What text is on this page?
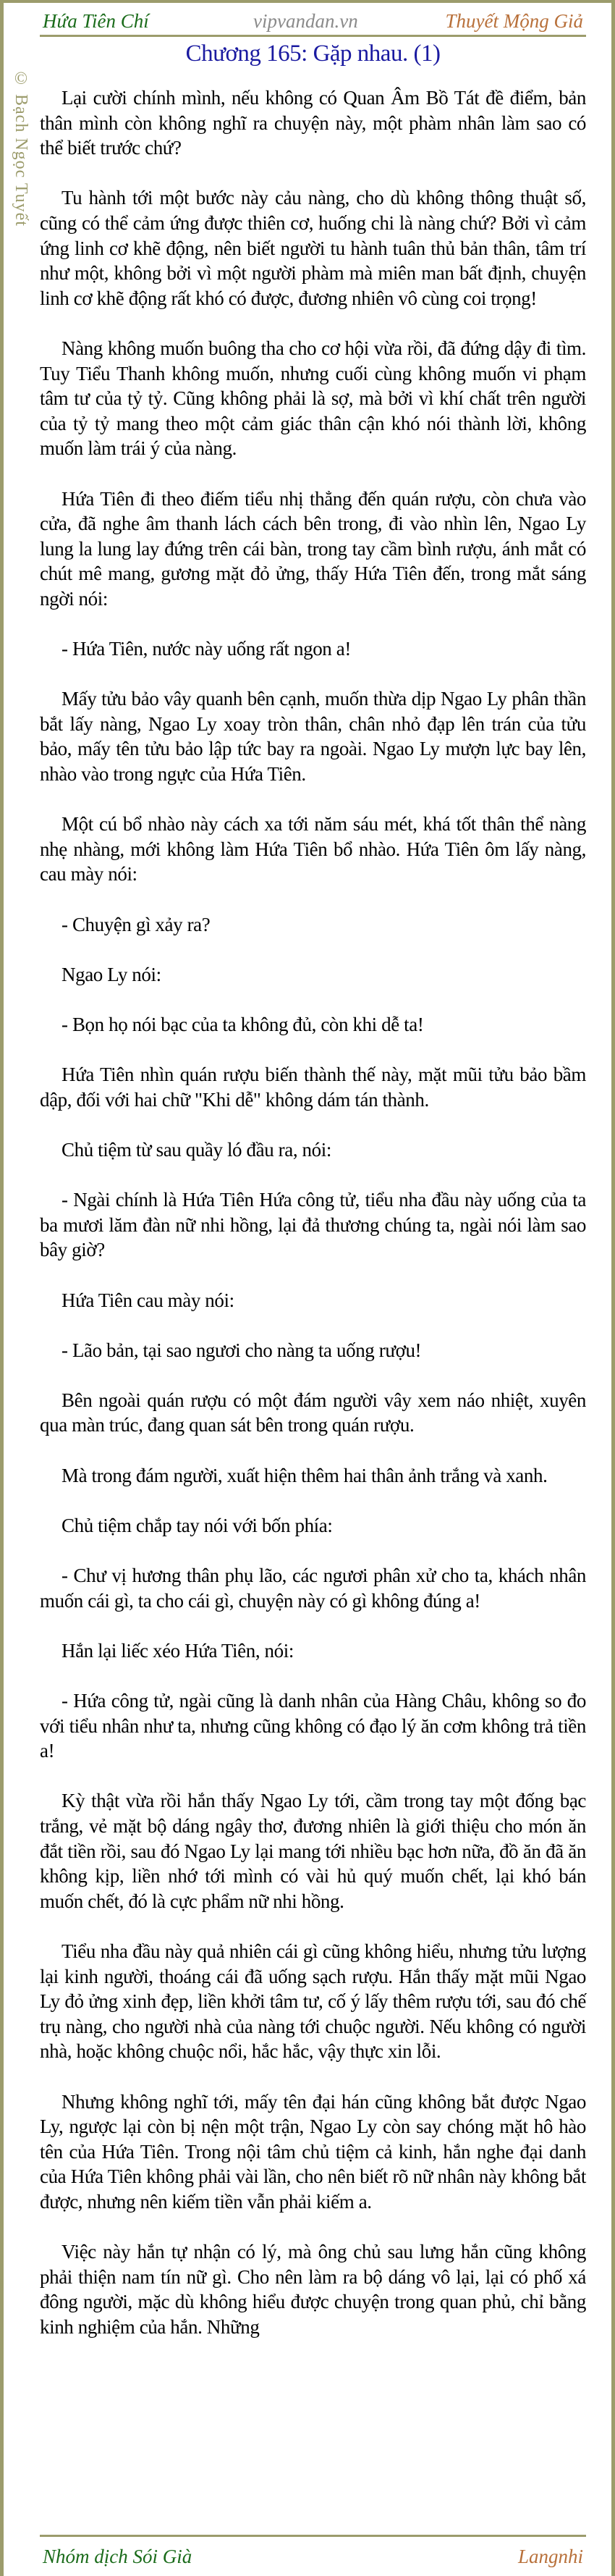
Hứa Tiên Chí	vipvandan.vn	Thuyết Mộng Giả
© Bạch Ngọc Tuyết
Chương 165: Gặp nhau. (1)

Lại cười chính mình, nếu không có Quan Âm Bồ Tát đề điểm, bản thân mình còn không nghĩ ra chuyện này, một phàm nhân làm sao có thể biết trước chứ?

Tu hành tới một bước này cảu nàng, cho dù không thông thuật số, cũng có thể cảm ứng được thiên cơ, huống chi là nàng chứ? Bởi vì cảm ứng linh cơ khẽ động, nên biết người tu hành tuân thủ bản thân, tâm trí như một, không bởi vì một người phàm mà miên man bất định, chuyện linh cơ khẽ động rất khó có được, đương nhiên vô cùng coi trọng!

Nàng không muốn buông tha cho cơ hội vừa rồi, đã đứng dậy đi tìm. Tuy Tiểu Thanh không muốn, nhưng cuối cùng không muốn vi phạm tâm tư của tỷ tỷ. Cũng không phải là sợ, mà bởi vì khí chất trên người của tỷ tỷ mang theo một cảm giác thân cận khó nói thành lời, không muốn làm trái ý của nàng.

Hứa Tiên đi theo điếm tiểu nhị thẳng đến quán rượu, còn chưa vào cửa, đã nghe âm thanh lách cách bên trong, đi vào nhìn lên, Ngao Ly lung la lung lay đứng trên cái bàn, trong tay cầm bình rượu, ánh mắt có chút mê mang, gương mặt đỏ ửng, thấy Hứa Tiên đến, trong mắt sáng ngời nói:

- Hứa Tiên, nước này uống rất ngon a!

Mấy tửu bảo vây quanh bên cạnh, muốn thừa dịp Ngao Ly phân thần bắt lấy nàng, Ngao Ly xoay tròn thân, chân nhỏ đạp lên trán của tửu bảo, mấy tên tửu bảo lập tức bay ra ngoài. Ngao Ly mượn lực bay lên, nhào vào trong ngực của Hứa Tiên.

Một cú bổ nhào này cách xa tới năm sáu mét, khá tốt thân thể nàng nhẹ nhàng, mới không làm Hứa Tiên bổ nhào. Hứa Tiên ôm lấy nàng, cau mày nói:

- Chuyện gì xảy ra?

Ngao Ly nói:

- Bọn họ nói bạc của ta không đủ, còn khi dễ ta!

Hứa Tiên nhìn quán rượu biến thành thế này, mặt mũi tửu bảo bầm dập, đối với hai chữ "Khi dễ" không dám tán thành.

Chủ tiệm từ sau quầy ló đầu ra, nói:

- Ngài chính là Hứa Tiên Hứa công tử, tiểu nha đầu này uống của ta ba mươi lăm đàn nữ nhi hồng, lại đả thương chúng ta, ngài nói làm sao bây giờ?

Hứa Tiên cau mày nói:

- Lão bản, tại sao ngươi cho nàng ta uống rượu!

Bên ngoài quán rượu có một đám người vây xem náo nhiệt, xuyên qua màn trúc, đang quan sát bên trong quán rượu.

Mà trong đám người, xuất hiện thêm hai thân ảnh trắng và xanh.

Chủ tiệm chắp tay nói với bốn phía:

- Chư vị hương thân phụ lão, các ngươi phân xử cho ta, khách nhân muốn cái gì, ta cho cái gì, chuyện này có gì không đúng a!

Hắn lại liếc xéo Hứa Tiên, nói:

- Hứa công tử, ngài cũng là danh nhân của Hàng Châu, không so đo với tiểu nhân như ta, nhưng cũng không có đạo lý ăn cơm không trả tiền a!

Kỳ thật vừa rồi hắn thấy Ngao Ly tới, cầm trong tay một đống bạc trắng, vẻ mặt bộ dáng ngây thơ, đương nhiên là giới thiệu cho món ăn đắt tiền rồi, sau đó Ngao Ly lại mang tới nhiều bạc hơn nữa, đồ ăn đã ăn không kịp, liền nhớ tới mình có vài hủ quý muốn chết, lại khó bán muốn chết, đó là cực phẩm nữ nhi hồng.

Tiểu nha đầu này quả nhiên cái gì cũng không hiểu, nhưng tửu lượng lại kinh người, thoáng cái đã uống sạch rượu. Hắn thấy mặt mũi Ngao Ly đỏ ửng xinh đẹp, liền khởi tâm tư, cố ý lấy thêm rượu tới, sau đó chế trụ nàng, cho người nhà của nàng tới chuộc người. Nếu không có người nhà, hoặc không chuộc nổi, hắc hắc, vậy thực xin lỗi.

Nhưng không nghĩ tới, mấy tên đại hán cũng không bắt được Ngao Ly, ngược lại còn bị nện một trận, Ngao Ly còn say chóng mặt hô hào tên của Hứa Tiên. Trong nội tâm chủ tiệm cả kinh, hắn nghe đại danh của Hứa Tiên không phải vài lần, cho nên biết rõ nữ nhân này không bắt được, nhưng nên kiếm tiền vẫn phải kiếm a.

Việc này hắn tự nhận có lý, mà ông chủ sau lưng hắn cũng không phải thiện nam tín nữ gì. Cho nên làm ra bộ dáng vô lại, lại có phố xá đông người, mặc dù không hiểu được chuyện trong quan phủ, chỉ bằng kinh nghiệm của hắn. Những

Nhóm dịch Sói Già	Langnhi
